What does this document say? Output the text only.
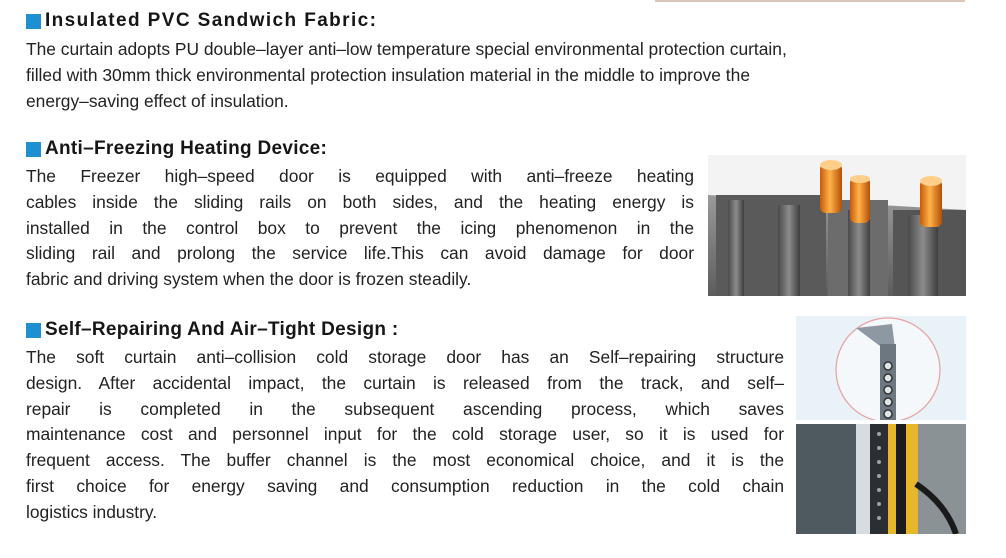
Insulated PVC Sandwich Fabric:
The curtain adopts PU double–layer anti–low temperature special environmental protection curtain,
filled with 30mm thick environmental protection insulation material in the middle to improve the
energy–saving effect of insulation.
Anti–Freezing Heating Device:
The Freezer high–speed door is equipped with anti–freeze heating
cables inside the sliding rails on both sides, and the heating energy is
installed in the control box to prevent the icing phenomenon in the
sliding rail and prolong the service life.This can avoid damage for door
fabric and driving system when the door is frozen steadily.
Self–Repairing And Air–Tight Design :
The soft curtain anti–collision cold storage door has an Self–repairing structure
design. After accidental impact, the curtain is released from the track, and self–
repair is completed in the subsequent ascending process, which saves
maintenance cost and personnel input for the cold storage user, so it is used for
frequent access. The buffer channel is the most economical choice, and it is the
first choice for energy saving and consumption reduction in the cold chain
logistics industry.
